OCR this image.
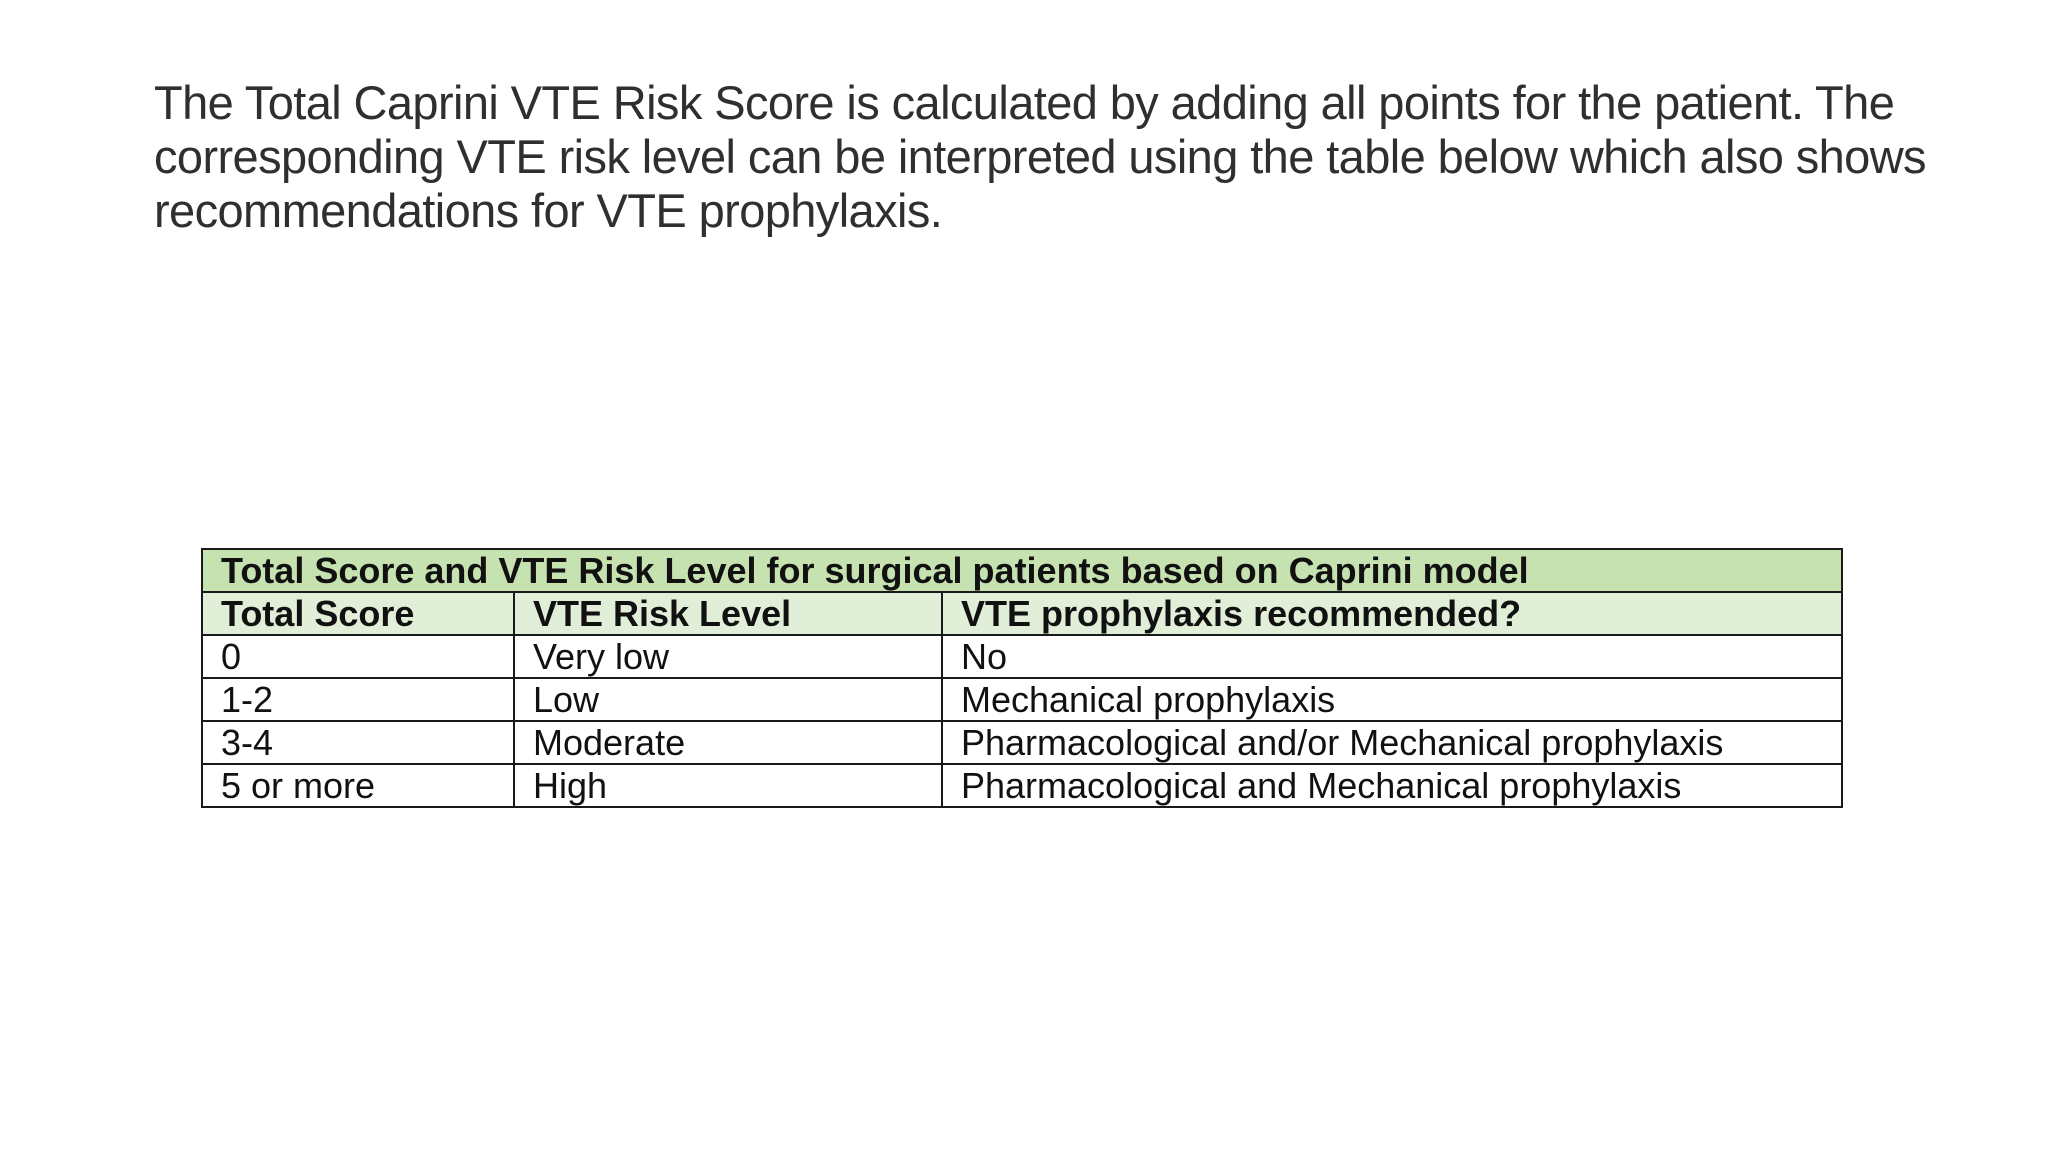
The Total Caprini VTE Risk Score is calculated by adding all points for the patient. The
corresponding VTE risk level can be interpreted using the table below which also shows
recommendations for VTE prophylaxis.

Total Score and VTE Risk Level for surgical patients based on Caprini model		
Total Score	VTE Risk Level	VTE prophylaxis recommended?
0	Very low	No
1-2	Low	Mechanical prophylaxis
3-4	Moderate	Pharmacological and/or Mechanical prophylaxis
5 or more	High	Pharmacological and Mechanical prophylaxis
